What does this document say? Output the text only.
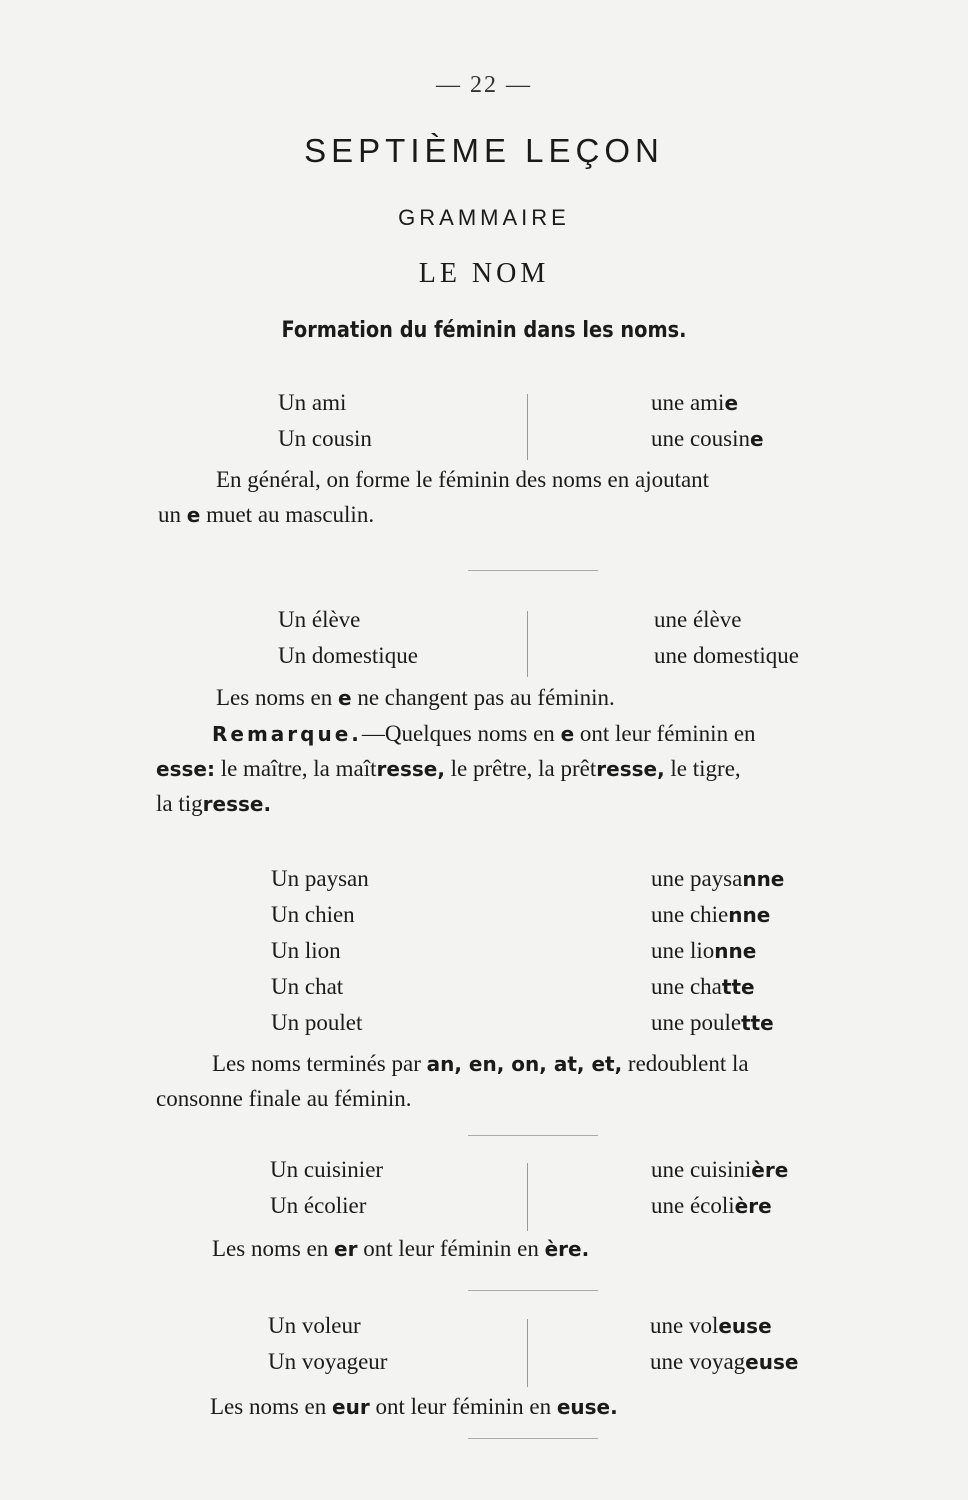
— 22 —
SEPTIÈME LEÇON
GRAMMAIRE
LE NOM
Formation du féminin dans les noms.
Un ami	une amie
Un cousin	une cousine
En général, on forme le féminin des noms en ajoutant
un e muet au masculin.
Un élève	une élève
Un domestique	une domestique
Les noms en e ne changent pas au féminin.
Remarque.—Quelques noms en e ont leur féminin en
esse: le maître, la maîtresse, le prêtre, la prêtresse, le tigre,
la tigresse.
Un paysan	une paysanne
Un chien	une chienne
Un lion	une lionne
Un chat	une chatte
Un poulet	une poulette
Les noms terminés par an, en, on, at, et, redoublent la
consonne finale au féminin.
Un cuisinier	une cuisinière
Un écolier	une écolière
Les noms en er ont leur féminin en ère.
Un voleur	une voleuse
Un voyageur	une voyageuse
Les noms en eur ont leur féminin en euse.
